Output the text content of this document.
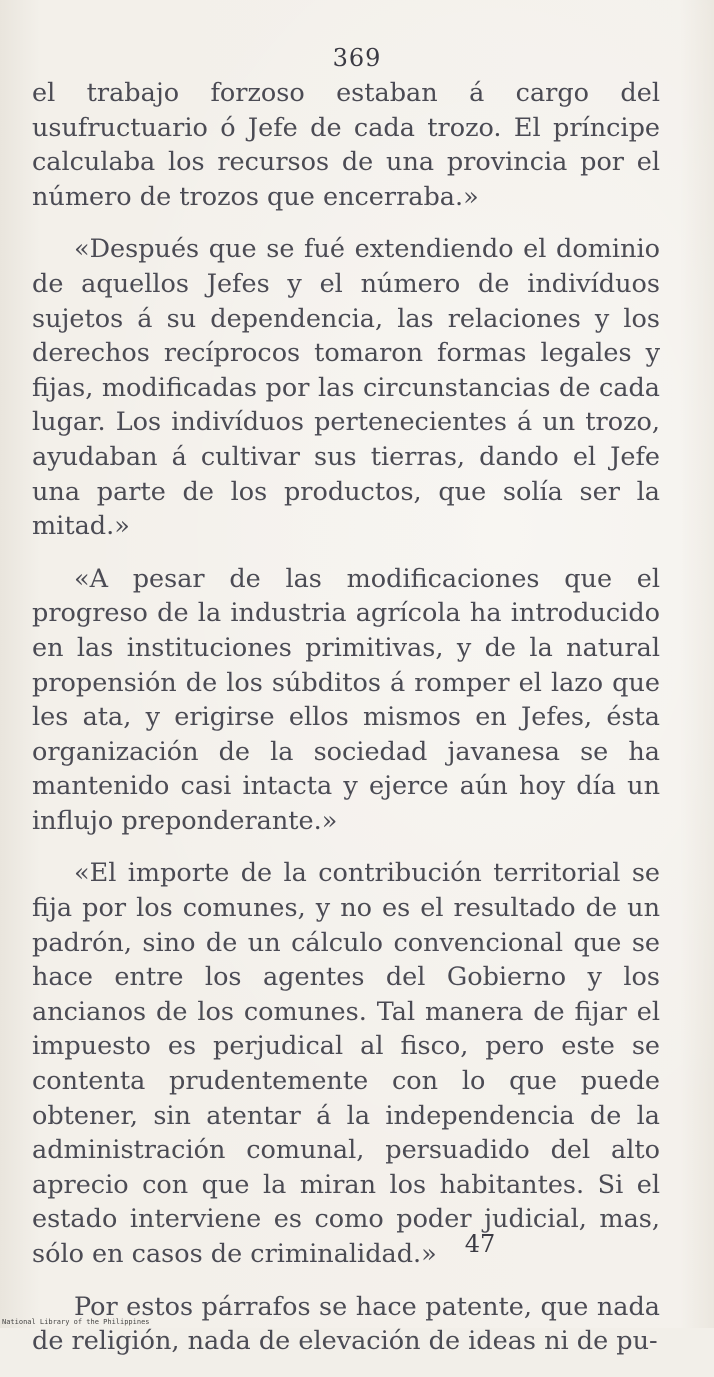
369

el trabajo forzoso estaban á cargo del usufructuario ó Jefe de cada trozo. El príncipe calculaba los recursos de una provincia por el número de trozos que encerraba.»

«Después que se fué extendiendo el dominio de aquellos Jefes y el número de indivíduos sujetos á su dependencia, las relaciones y los derechos recíprocos tomaron formas legales y fijas, modificadas por las circunstancias de cada lugar. Los indivíduos pertenecientes á un trozo, ayudaban á cultivar sus tierras, dando el Jefe una parte de los productos, que solía ser la mitad.»

«A pesar de las modificaciones que el progreso de la industria agrícola ha introducido en las instituciones primitivas, y de la natural propensión de los súbditos á romper el lazo que les ata, y erigirse ellos mismos en Jefes, ésta organización de la sociedad javanesa se ha mantenido casi intacta y ejerce aún hoy día un influjo preponderante.»

«El importe de la contribución territorial se fija por los comunes, y no es el resultado de un padrón, sino de un cálculo convencional que se hace entre los agentes del Gobierno y los ancianos de los comunes. Tal manera de fijar el impuesto es perjudical al fisco, pero este se contenta prudentemente con lo que puede obtener, sin atentar á la independencia de la administración comunal, persuadido del alto aprecio con que la miran los habitantes. Si el estado interviene es como poder judicial, mas, sólo en casos de criminalidad.»

Por estos párrafos se hace patente, que nada de religión, nada de elevación de ideas ni de pu-

47
National Library of the Philippines
